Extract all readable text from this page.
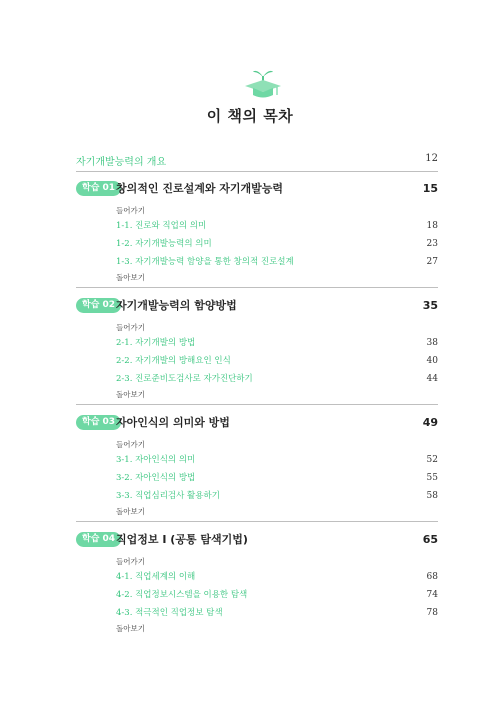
이 책의 목차
자기개발능력의 개요	12
학습 01 창의적인 진로설계와 자기개발능력	15
들어가기
1-1. 진로와 직업의 의미	18
1-2. 자기개발능력의 의미	23
1-3. 자기개발능력 함양을 통한 창의적 진로설계	27
돌아보기
학습 02 자기개발능력의 함양방법	35
들어가기
2-1. 자기개발의 방법	38
2-2. 자기개발의 방해요인 인식	40
2-3. 진로준비도검사로 자가진단하기	44
돌아보기
학습 03 자아인식의 의미와 방법	49
들어가기
3-1. 자아인식의 의미	52
3-2. 자아인식의 방법	55
3-3. 직업심리검사 활용하기	58
돌아보기
학습 04 직업정보 I (공통 탐색기법)	65
들어가기
4-1. 직업세계의 이해	68
4-2. 직업정보시스템을 이용한 탐색	74
4-3. 적극적인 직업정보 탐색	78
돌아보기
